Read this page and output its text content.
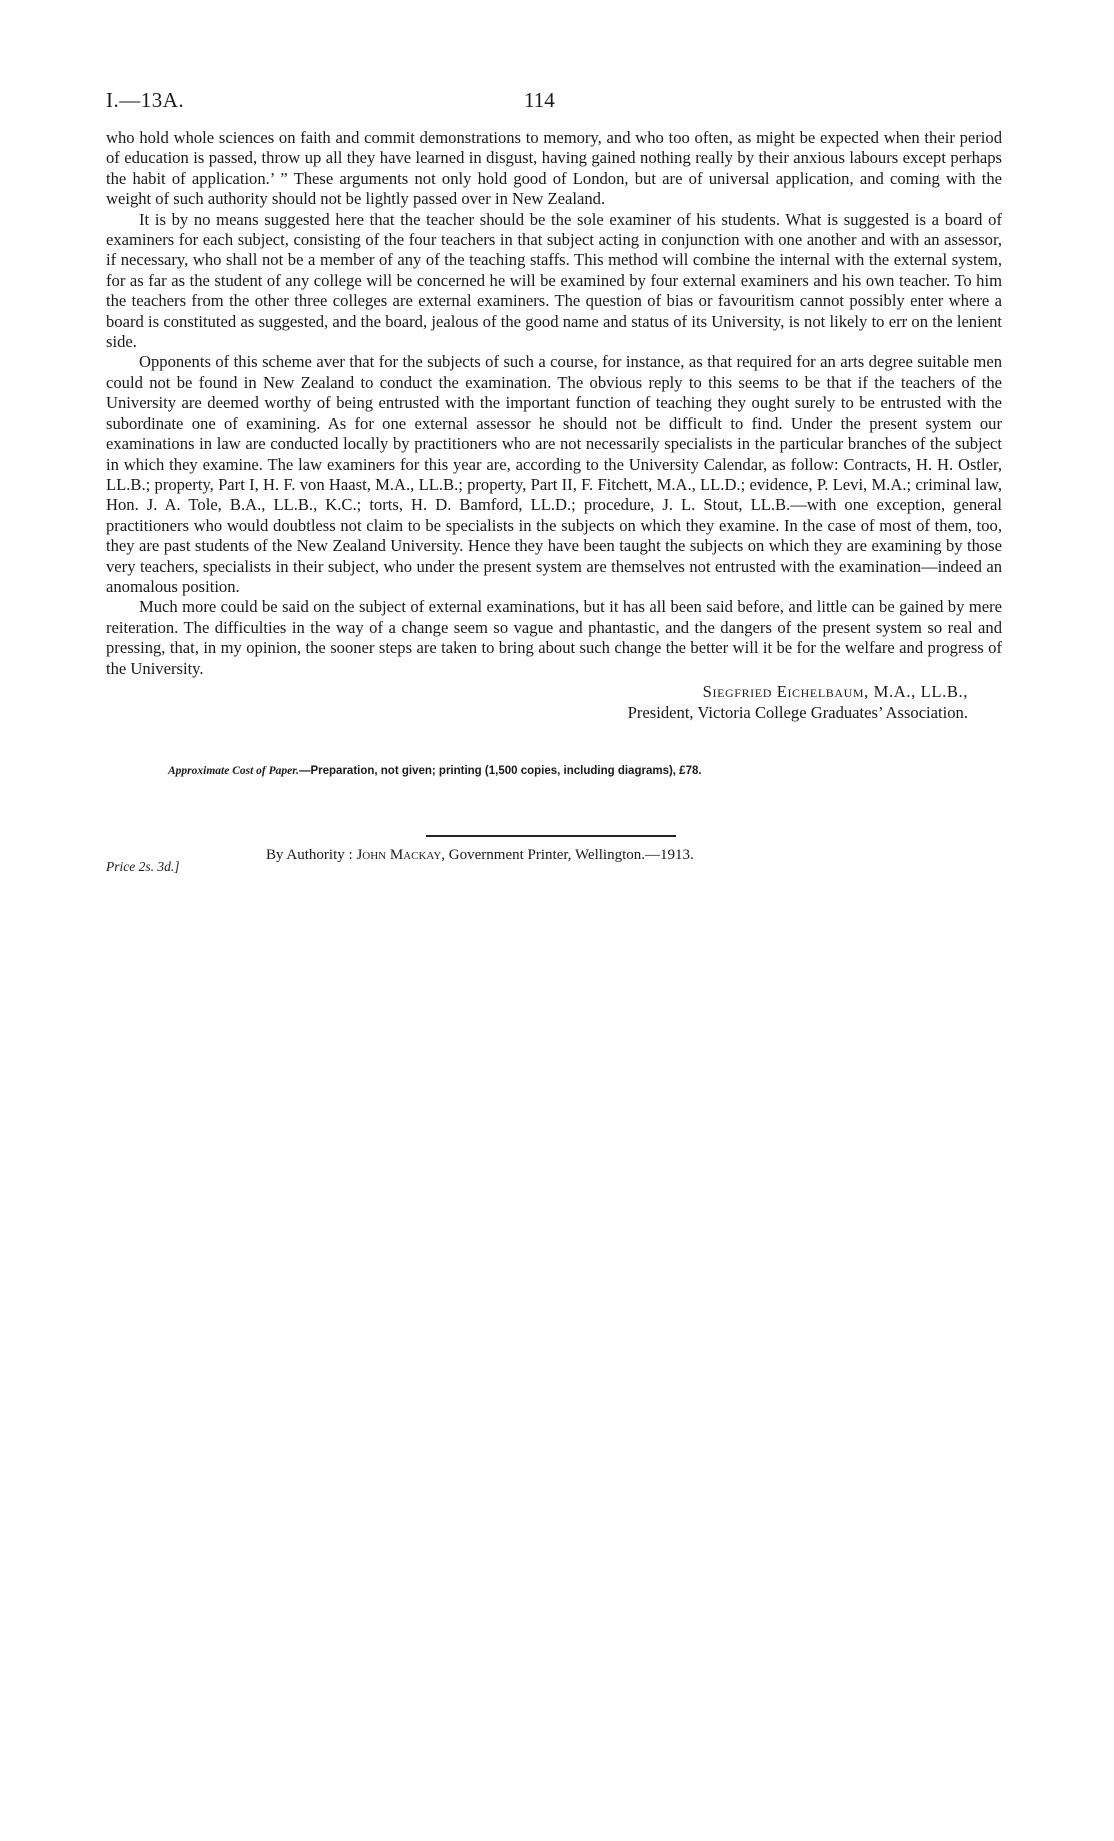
I.—13A.	114

who hold whole sciences on faith and commit demonstrations to memory, and who too often, as might be expected when their period of education is passed, throw up all they have learned in disgust, having gained nothing really by their anxious labours except perhaps the habit of application.’ ” These arguments not only hold good of London, but are of universal application, and coming with the weight of such authority should not be lightly passed over in New Zealand.

It is by no means suggested here that the teacher should be the sole examiner of his students. What is suggested is a board of examiners for each subject, consisting of the four teachers in that subject acting in conjunction with one another and with an assessor, if necessary, who shall not be a member of any of the teaching staffs. This method will combine the internal with the external system, for as far as the student of any college will be concerned he will be examined by four external examiners and his own teacher. To him the teachers from the other three colleges are external examiners. The question of bias or favouritism cannot possibly enter where a board is constituted as suggested, and the board, jealous of the good name and status of its University, is not likely to err on the lenient side.

Opponents of this scheme aver that for the subjects of such a course, for instance, as that required for an arts degree suitable men could not be found in New Zealand to conduct the examination. The obvious reply to this seems to be that if the teachers of the University are deemed worthy of being entrusted with the important function of teaching they ought surely to be entrusted with the subordinate one of examining. As for one external assessor he should not be difficult to find. Under the present system our examinations in law are conducted locally by practitioners who are not necessarily specialists in the particular branches of the subject in which they examine. The law examiners for this year are, according to the University Calendar, as follow: Contracts, H. H. Ostler, LL.B.; property, Part I, H. F. von Haast, M.A., LL.B.; property, Part II, F. Fitchett, M.A., LL.D.; evidence, P. Levi, M.A.; criminal law, Hon. J. A. Tole, B.A., LL.B., K.C.; torts, H. D. Bamford, LL.D.; procedure, J. L. Stout, LL.B.—with one exception, general practitioners who would doubtless not claim to be specialists in the subjects on which they examine. In the case of most of them, too, they are past students of the New Zealand University. Hence they have been taught the subjects on which they are examining by those very teachers, specialists in their subject, who under the present system are themselves not entrusted with the examination—indeed an anomalous position.

Much more could be said on the subject of external examinations, but it has all been said before, and little can be gained by mere reiteration. The difficulties in the way of a change seem so vague and phantastic, and the dangers of the present system so real and pressing, that, in my opinion, the sooner steps are taken to bring about such change the better will it be for the welfare and progress of the University.

Siegfried Eichelbaum, M.A., LL.B.,
President, Victoria College Graduates’ Association.
Approximate Cost of Paper.—Preparation, not given; printing (1,500 copies, including diagrams), £78.
Price 2s. 3d.]
By Authority : John Mackay, Government Printer, Wellington.—1913.
